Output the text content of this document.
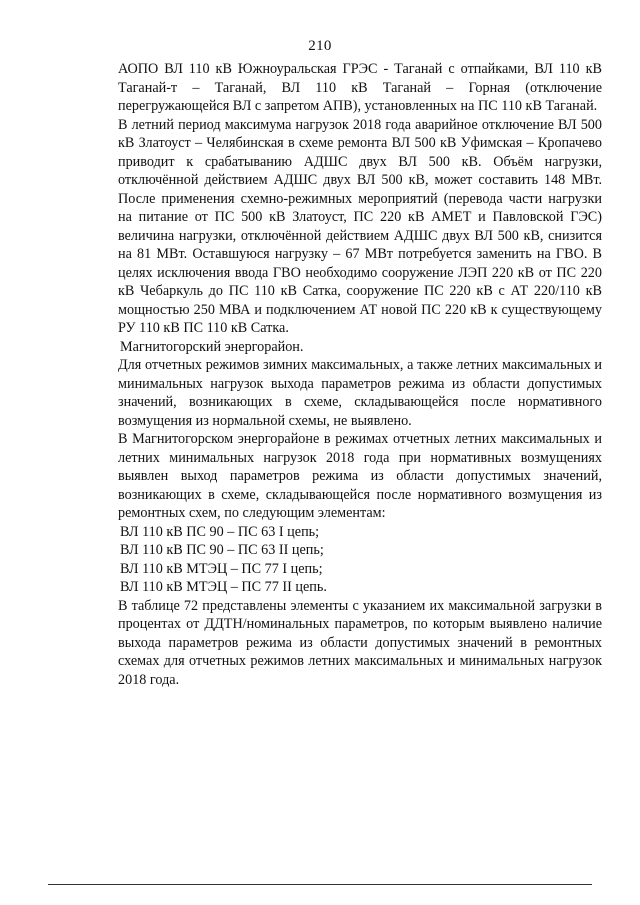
210

АОПО ВЛ 110 кВ Южноуральская ГРЭС - Таганай с отпайками, ВЛ 110 кВ Таганай-т – Таганай, ВЛ 110 кВ Таганай – Горная (отключение перегружающейся ВЛ с запретом АПВ), установленных на ПС 110 кВ Таганай.

В летний период максимума нагрузок 2018 года аварийное отключение ВЛ 500 кВ Златоуст – Челябинская в схеме ремонта ВЛ 500 кВ Уфимская – Кропачево приводит к срабатыванию АДШС двух ВЛ 500 кВ. Объём нагрузки, отключённой действием АДШС двух ВЛ 500 кВ, может составить 148 МВт. После применения схемно-режимных мероприятий (перевода части нагрузки на питание от ПС 500 кВ Златоуст, ПС 220 кВ АМЕТ и Павловской ГЭС) величина нагрузки, отключённой действием АДШС двух ВЛ 500 кВ, снизится на 81 МВт. Оставшуюся нагрузку – 67 МВт потребуется заменить на ГВО. В целях исключения ввода ГВО необходимо сооружение ЛЭП 220 кВ от ПС 220 кВ Чебаркуль до ПС 110 кВ Сатка, сооружение ПС 220 кВ с АТ 220/110 кВ мощностью 250 МВА и подключением АТ новой ПС 220 кВ к существующему РУ 110 кВ ПС 110 кВ Сатка.

Магнитогорский энергорайон.

Для отчетных режимов зимних максимальных, а также летних максимальных и минимальных нагрузок выхода параметров режима из области допустимых значений, возникающих в схеме, складывающейся после нормативного возмущения из нормальной схемы, не выявлено.

В Магнитогорском энергорайоне в режимах отчетных летних максимальных и летних минимальных нагрузок 2018 года при нормативных возмущениях выявлен выход параметров режима из области допустимых значений, возникающих в схеме, складывающейся после нормативного возмущения из ремонтных схем, по следующим элементам:

ВЛ 110 кВ ПС 90 – ПС 63 I цепь;

ВЛ 110 кВ ПС 90 – ПС 63 II цепь;

ВЛ 110 кВ МТЭЦ – ПС 77 I цепь;

ВЛ 110 кВ МТЭЦ – ПС 77 II цепь.

В таблице 72 представлены элементы с указанием их максимальной загрузки в процентах от ДДТН/номинальных параметров, по которым выявлено наличие выхода параметров режима из области допустимых значений в ремонтных схемах для отчетных режимов летних максимальных и минимальных нагрузок 2018 года.
